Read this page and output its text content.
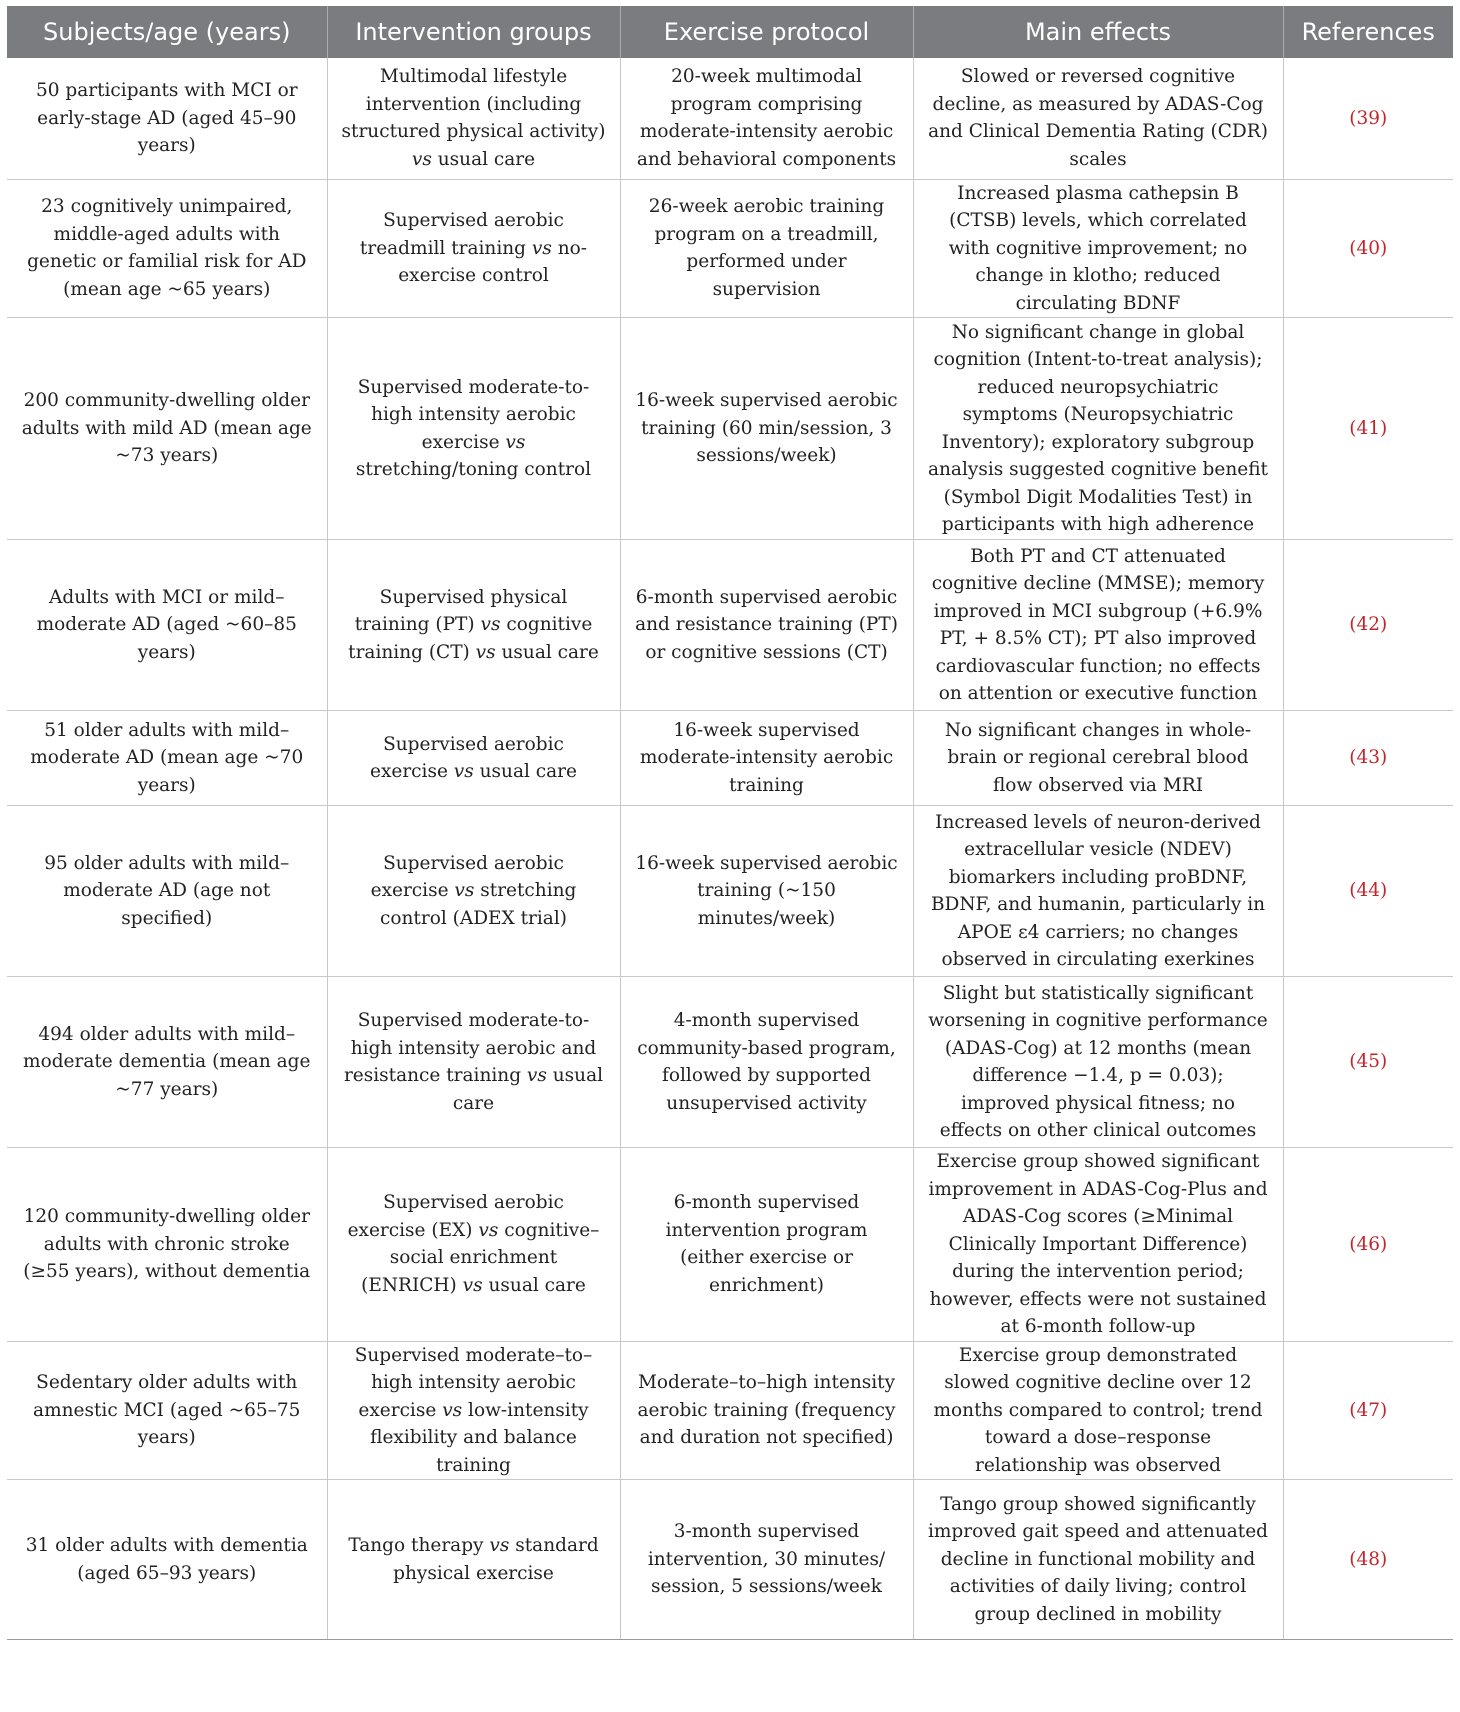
Subjects/age (years)	Intervention groups	Exercise protocol	Main effects	References
50 participants with MCI or early-stage AD (aged 45–90 years)	Multimodal lifestyle intervention (including structured physical activity) vs usual care	20-week multimodal program comprising moderate-intensity aerobic and behavioral components	Slowed or reversed cognitive decline, as measured by ADAS-Cog and Clinical Dementia Rating (CDR) scales	(39)
23 cognitively unimpaired, middle-aged adults with genetic or familial risk for AD (mean age ~65 years)	Supervised aerobic treadmill training vs no-exercise control	26-week aerobic training program on a treadmill, performed under supervision	Increased plasma cathepsin B (CTSB) levels, which correlated with cognitive improvement; no change in klotho; reduced circulating BDNF	(40)
200 community-dwelling older adults with mild AD (mean age ~73 years)	Supervised moderate-to-high intensity aerobic exercise vs stretching/toning control	16-week supervised aerobic training (60 min/session, 3 sessions/week)	No significant change in global cognition (Intent-to-treat analysis); reduced neuropsychiatric symptoms (Neuropsychiatric Inventory); exploratory subgroup analysis suggested cognitive benefit (Symbol Digit Modalities Test) in participants with high adherence	(41)
Adults with MCI or mild–moderate AD (aged ~60–85 years)	Supervised physical training (PT) vs cognitive training (CT) vs usual care	6-month supervised aerobic and resistance training (PT) or cognitive sessions (CT)	Both PT and CT attenuated cognitive decline (MMSE); memory improved in MCI subgroup (+6.9% PT, + 8.5% CT); PT also improved cardiovascular function; no effects on attention or executive function	(42)
51 older adults with mild–moderate AD (mean age ~70 years)	Supervised aerobic exercise vs usual care	16-week supervised moderate-intensity aerobic training	No significant changes in whole-brain or regional cerebral blood flow observed via MRI	(43)
95 older adults with mild–moderate AD (age not specified)	Supervised aerobic exercise vs stretching control (ADEX trial)	16-week supervised aerobic training (~150 minutes/week)	Increased levels of neuron-derived extracellular vesicle (NDEV) biomarkers including proBDNF, BDNF, and humanin, particularly in APOE ε4 carriers; no changes observed in circulating exerkines	(44)
494 older adults with mild–moderate dementia (mean age ~77 years)	Supervised moderate-to-high intensity aerobic and resistance training vs usual care	4-month supervised community-based program, followed by supported unsupervised activity	Slight but statistically significant worsening in cognitive performance (ADAS-Cog) at 12 months (mean difference −1.4, p = 0.03); improved physical fitness; no effects on other clinical outcomes	(45)
120 community-dwelling older adults with chronic stroke (≥55 years), without dementia	Supervised aerobic exercise (EX) vs cognitive–social enrichment (ENRICH) vs usual care	6-month supervised intervention program (either exercise or enrichment)	Exercise group showed significant improvement in ADAS-Cog-Plus and ADAS-Cog scores (≥Minimal Clinically Important Difference) during the intervention period; however, effects were not sustained at 6-month follow-up	(46)
Sedentary older adults with amnestic MCI (aged ~65–75 years)	Supervised moderate–to–high intensity aerobic exercise vs low-intensity flexibility and balance training	Moderate–to–high intensity aerobic training (frequency and duration not specified)	Exercise group demonstrated slowed cognitive decline over 12 months compared to control; trend toward a dose–response relationship was observed	(47)
31 older adults with dementia (aged 65–93 years)	Tango therapy vs standard physical exercise	3-month supervised intervention, 30 minutes/ session, 5 sessions/week	Tango group showed significantly improved gait speed and attenuated decline in functional mobility and activities of daily living; control group declined in mobility	(48)
